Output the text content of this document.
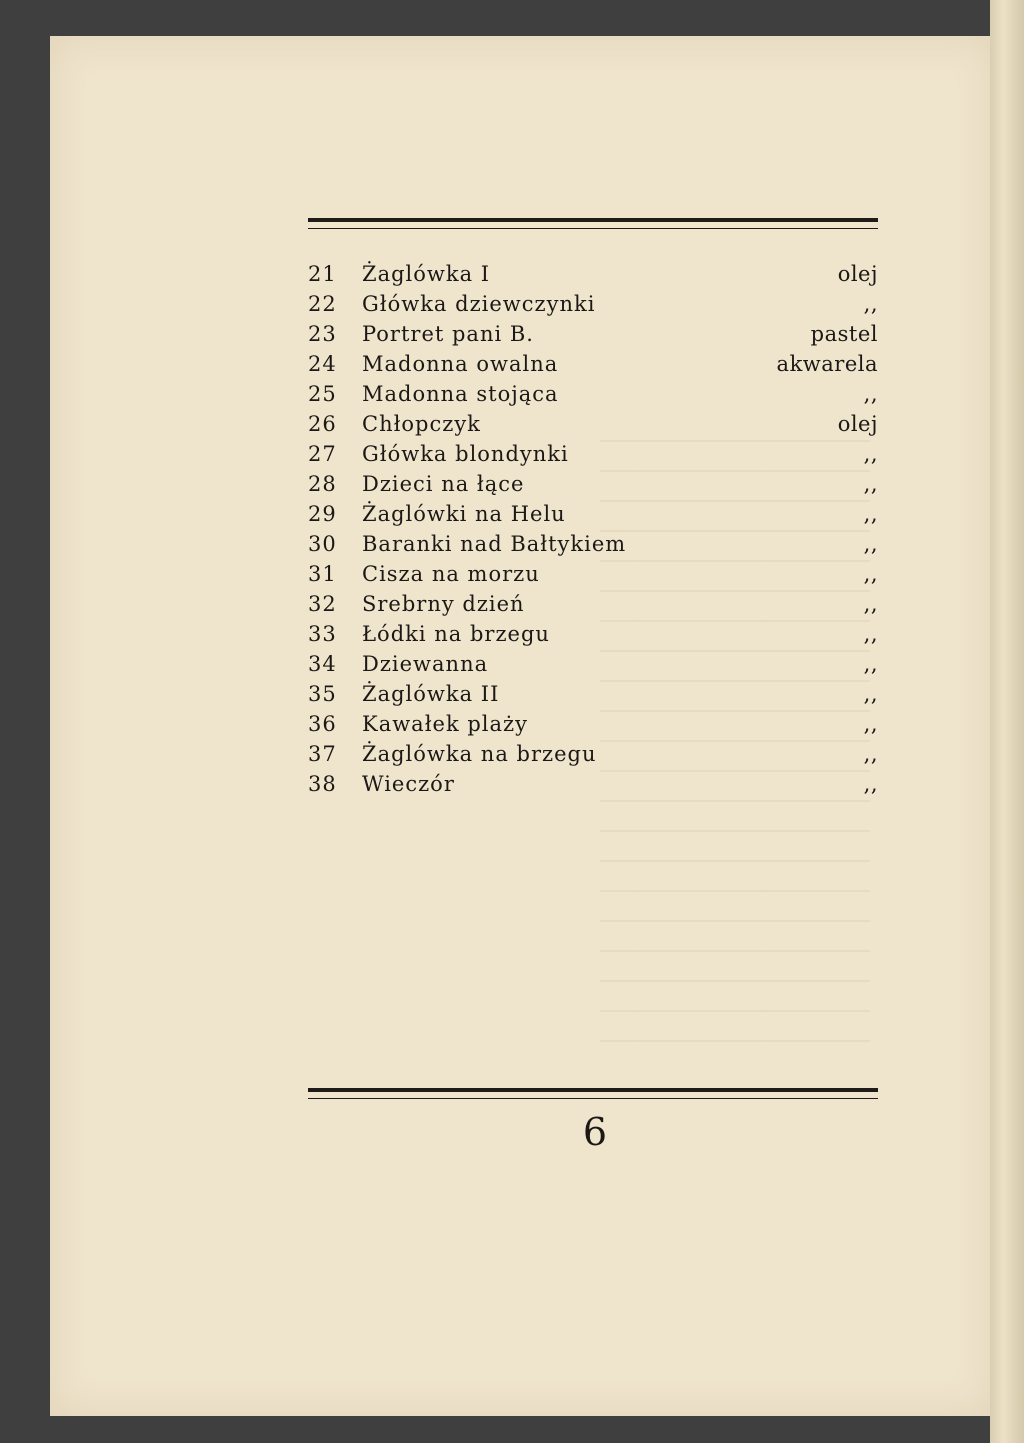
21	Żaglówka I	olej
22	Główka dziewczynki	,,
23	Portret pani B.	pastel
24	Madonna owalna	akwarela
25	Madonna stojąca	,,
26	Chłopczyk	olej
27	Główka blondynki	,,
28	Dzieci na łące	,,
29	Żaglówki na Helu	,,
30	Baranki nad Bałtykiem	,,
31	Cisza na morzu	,,
32	Srebrny dzień	,,
33	Łódki na brzegu	,,
34	Dziewanna	,,
35	Żaglówka II	,,
36	Kawałek plaży	,,
37	Żaglówka na brzegu	,,
38	Wieczór	,,
6
